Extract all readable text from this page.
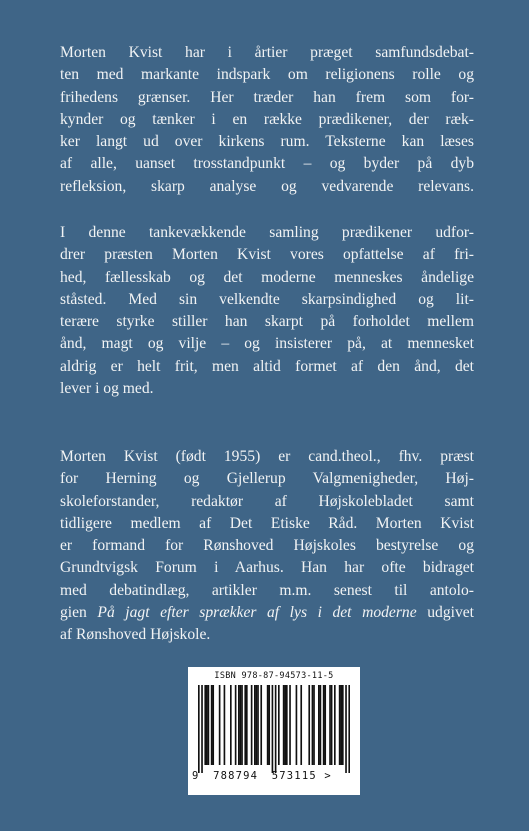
Morten Kvist har i årtier præget samfundsdebat-
ten med markante indspark om religionens rolle og
frihedens grænser. Her træder han frem som for-
kynder og tænker i en række prædikener, der ræk-
ker langt ud over kirkens rum. Teksterne kan læses
af alle, uanset trosstandpunkt – og byder på dyb
refleksion, skarp analyse og vedvarende relevans.
I denne tankevækkende samling prædikener udfor-
drer præsten Morten Kvist vores opfattelse af fri-
hed, fællesskab og det moderne menneskes åndelige
ståsted. Med sin velkendte skarpsindighed og lit-
terære styrke stiller han skarpt på forholdet mellem
ånd, magt og vilje – og insisterer på, at mennesket
aldrig er helt frit, men altid formet af den ånd, det
lever i og med.
Morten Kvist (født 1955) er cand.theol., fhv. præst
for Herning og Gjellerup Valgmenigheder, Høj-
skoleforstander, redaktør af Højskolebladet samt
tidligere medlem af Det Etiske Råd. Morten Kvist
er formand for Rønshoved Højskoles bestyrelse og
Grundtvigsk Forum i Aarhus. Han har ofte bidraget
med debatindlæg, artikler m.m. senest til antolo-
gien På jagt efter sprækker af lys i det moderne udgivet
af Rønshoved Højskole.
ISBN 978-87-94573-11-5
9 788794 573115 >
